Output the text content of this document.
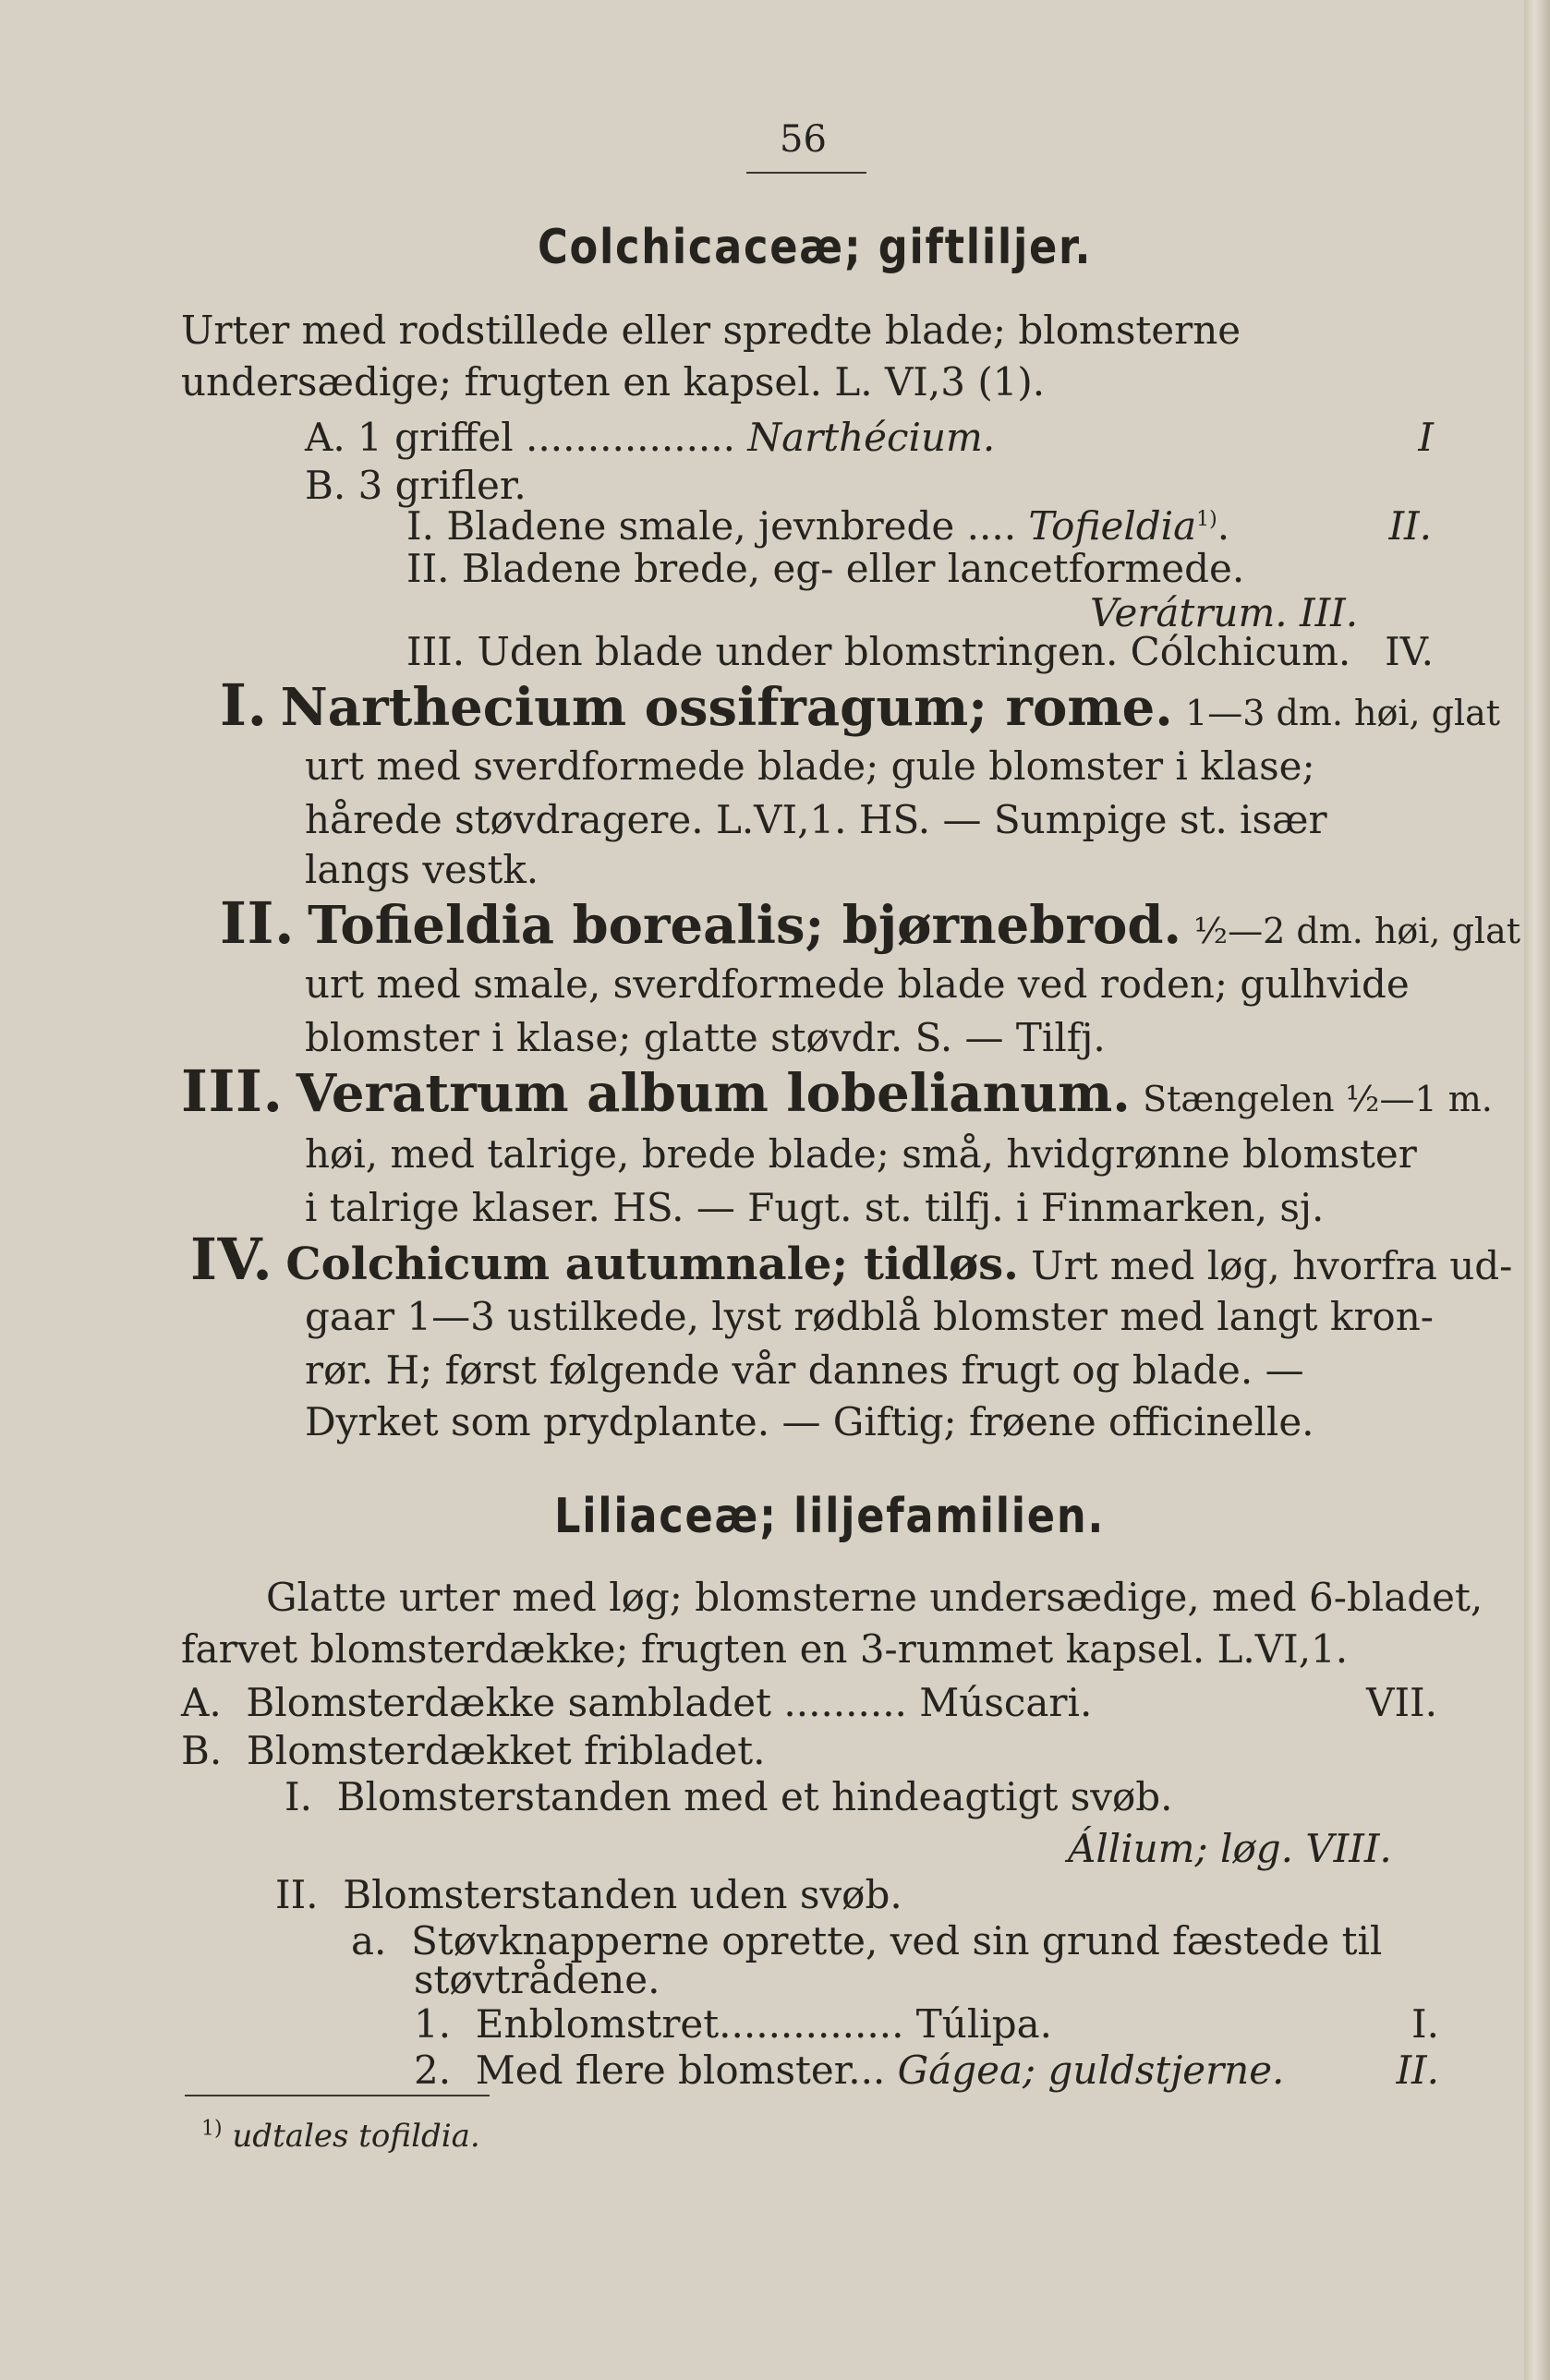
56
Colchicaceæ; giftliljer.
Urter med rodstillede eller spredte blade; blomsterne
undersædige; frugten en kapsel. L. VI,3 (1).
A. 1 griffel ................. Narthécium.	I
B. 3 grifler.
I. Bladene smale, jevnbrede .... Tofieldia$^{1)}$.	II.
II. Bladene brede, eg- eller lancetformede.
Verátrum. III.
III. Uden blade under blomstringen. Cólchicum. IV.
I. Narthecium ossifragum; rome. 1—3 dm. høi, glat
urt med sverdformede blade; gule blomster i klase;
hårede støvdragere. L.VI,1. HS. — Sumpige st. især
langs vestk.
II. Tofieldia borealis; bjørnebrod. ½—2 dm. høi, glat
urt med smale, sverdformede blade ved roden; gulhvide
blomster i klase; glatte støvdr. S. — Tilfj.
III. Veratrum album lobelianum. Stængelen ½—1 m.
høi, med talrige, brede blade; små, hvidgrønne blomster
i talrige klaser. HS. — Fugt. st. tilfj. i Finmarken, sj.
IV. Colchicum autumnale; tidløs. Urt med løg, hvorfra ud-
gaar 1—3 ustilkede, lyst rødblå blomster med langt kron-
rør. H; først følgende vår dannes frugt og blade. —
Dyrket som prydplante. — Giftig; frøene officinelle.
Liliaceæ; liljefamilien.
Glatte urter med løg; blomsterne undersædige, med 6-bladet,
farvet blomsterdække; frugten en 3-rummet kapsel. L.VI,1.
A. Blomsterdække sambladet .......... Múscari.	VII.
B. Blomsterdækket fribladet.
I. Blomsterstanden med et hindeagtigt svøb.
Állium; løg. VIII.
II. Blomsterstanden uden svøb.
a. Støvknapperne oprette, ved sin grund fæstede til
støvtrådene.
1. Enblomstret............... Túlipa.	I.
2. Med flere blomster... Gágea; guldstjerne.	II.
$^{1)}$ udtales tofildia.
